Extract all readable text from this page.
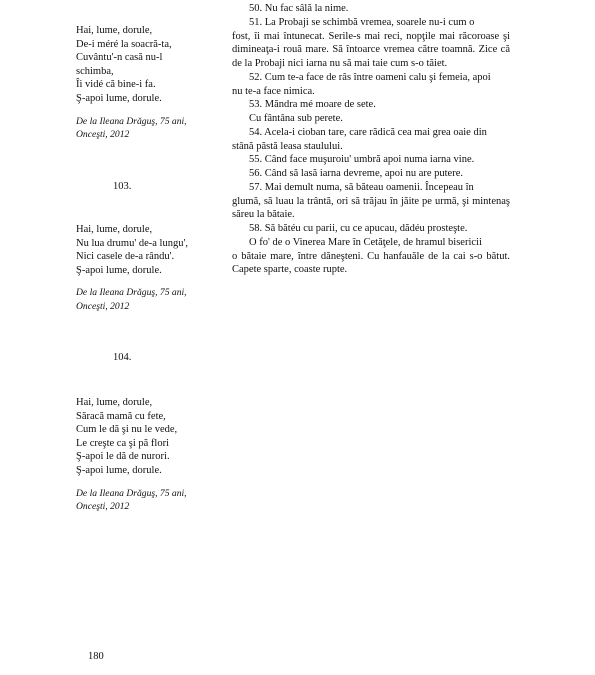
Hai, lume, dorule,
De-i méré la soacră-ta,
Cuvântu'-n casă nu-l
schimba,
Îi vidé că bine-i fa.
Ş-apoi lume, dorule.
De la Ileana Drăguş, 75 ani,
Onceşti, 2012
103.
Hai, lume, dorule,
Nu lua drumu' de-a lungu',
Nici casele de-a rându'.
Ş-apoi lume, dorule.
De la Ileana Drăguş, 75 ani,
Onceşti, 2012
104.
Hai, lume, dorule,
Săracă mamă cu fete,
Cum le dă şi nu le vede,
Le creşte ca şi pă flori
Ş-apoi le dă de nurori.
Ş-apoi lume, dorule.
De la Ileana Drăguş, 75 ani,
Onceşti, 2012
50. Nu fac sâlă la nime.
51. La Probaji se schimbă vremea, soarele nu-i cum o
fost, îi mai întunecat. Serile-s mai reci, nopţile mai răcoroase şi dimineaţa-i rouă mare. Să întoarce vremea către toamnă. Zice că de la Probaji nici iarna nu să mai taie cum s-o tăiet.
52. Cum te-a face de râs între oameni calu şi femeia, apoi
nu te-a face nimica.
53. Măndra mé moare de sete.
Cu fântâna sub perete.
54. Acela-i cioban tare, care rădică cea mai grea oaie din
stână păstă leasa staulului.
55. Când face muşuroiu' umbră apoi numa iarna vine.
56. Când să lasă iarna devreme, apoi nu are putere.
57. Mai demult numa, să băteau oamenii. Începeau în
glumă, să luau la trântă, ori să trăjau în jăite pe urmă, şi mintenaş săreu la bătaie.
58. Să bătéu cu parii, cu ce apucau, dădéu prosteşte.
O fo' de o Vinerea Mare în Cetăţele, de hramul bisericii
o bătaie mare, între dăneşteni. Cu hanfauăle de la cai s-o bătut. Capete sparte, coaste rupte.
180
